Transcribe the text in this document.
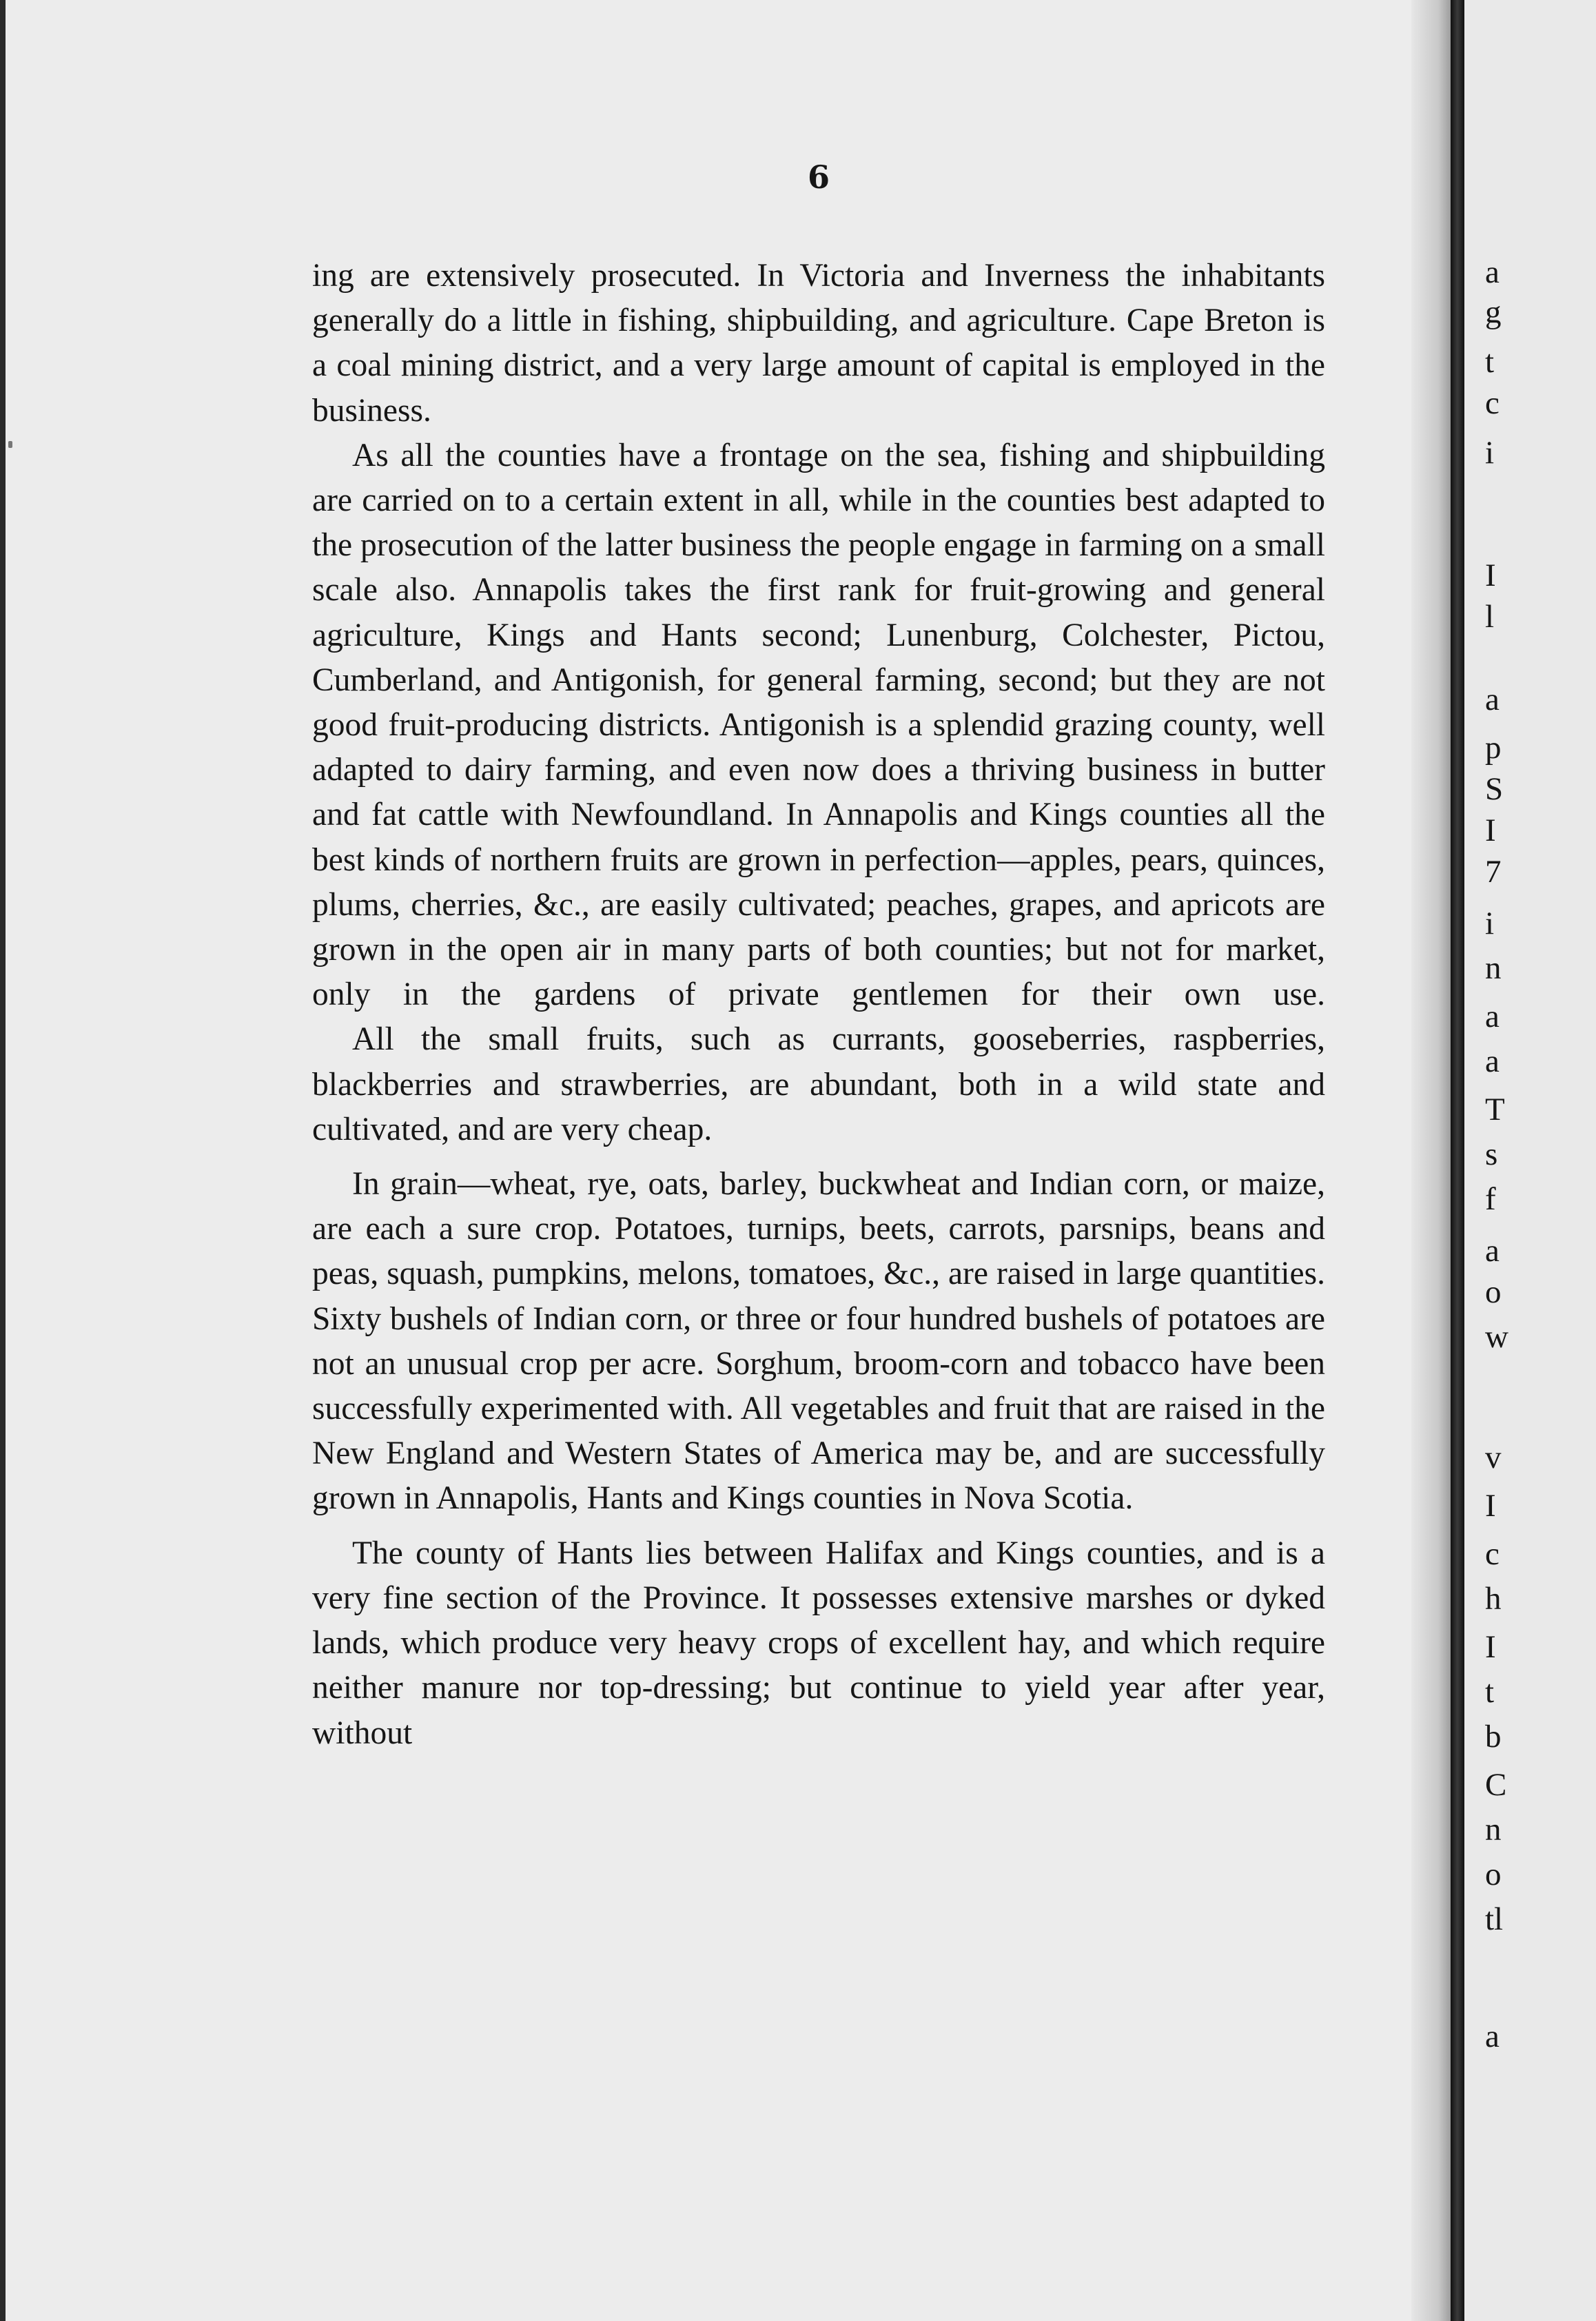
6

ing are extensively prosecuted. In Victoria and Inverness the inhabitants generally do a little in fishing, shipbuilding, and agriculture. Cape Breton is a coal mining district, and a very large amount of capital is employed in the business.

As all the counties have a frontage on the sea, fishing and shipbuilding are carried on to a certain extent in all, while in the counties best adapted to the prosecution of the latter business the people engage in farming on a small scale also. Annapolis takes the first rank for fruit-growing and general agriculture, Kings and Hants second; Lunenburg, Colchester, Pictou, Cumberland, and Antigonish, for general farming, second; but they are not good fruit-producing districts. Antigonish is a splendid grazing county, well adapted to dairy farming, and even now does a thriving business in butter and fat cattle with Newfoundland. In Annapolis and Kings counties all the best kinds of northern fruits are grown in perfection—apples, pears, quinces, plums, cherries, &c., are easily cultivated; peaches, grapes, and apricots are grown in the open air in many parts of both counties; but not for market, only in the gardens of private gentlemen for their own use.

All the small fruits, such as currants, gooseberries, raspberries, blackberries and strawberries, are abundant, both in a wild state and cultivated, and are very cheap.

In grain—wheat, rye, oats, barley, buckwheat and Indian corn, or maize, are each a sure crop. Potatoes, turnips, beets, carrots, parsnips, beans and peas, squash, pumpkins, melons, tomatoes, &c., are raised in large quantities. Sixty bushels of Indian corn, or three or four hundred bushels of potatoes are not an unusual crop per acre. Sorghum, broom-corn and tobacco have been successfully experimented with. All vegetables and fruit that are raised in the New England and Western States of America may be, and are successfully grown in Annapolis, Hants and Kings counties in Nova Scotia.

The county of Hants lies between Halifax and Kings counties, and is a very fine section of the Province. It possesses extensive marshes or dyked lands, which produce very heavy crops of excellent hay, and which require neither manure nor top-dressing; but continue to yield year after year, without

a
g
t
c
i
I
l
a
p
S
I
7
i
n
a
a
T
s
f
a
o
w
v
I
c
h
I
t
b
C
n
o
tl
a
